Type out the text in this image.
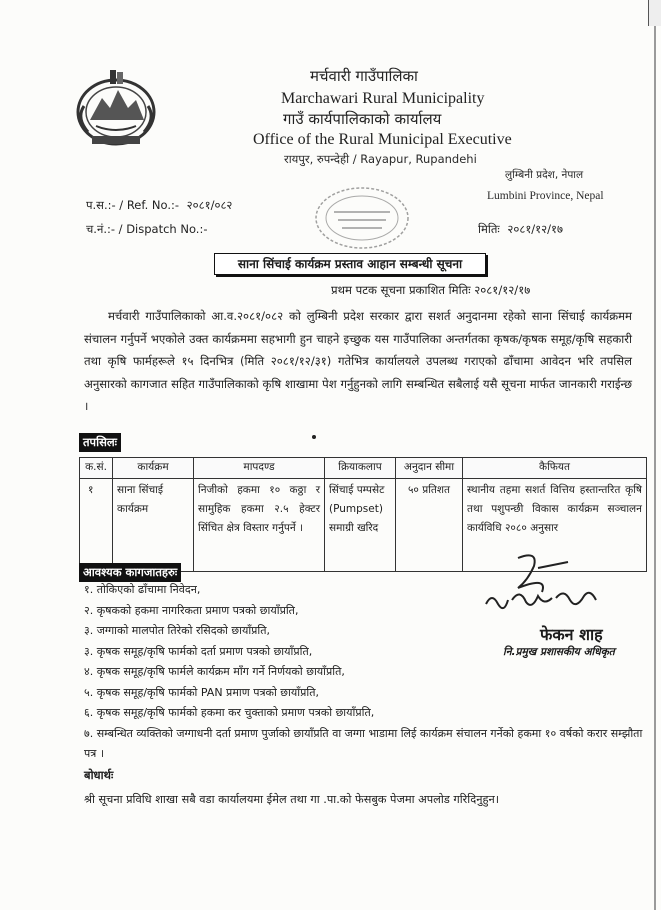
मर्चवारी गाउँपालिका
Marchawari Rural Municipality
गाउँ कार्यपालिकाको कार्यालय
Office of the Rural Municipal Executive
रायपुर, रुपन्देही / Rayapur, Rupandehi
लुम्बिनी प्रदेश, नेपाल
Lumbini Province, Nepal
प.स.:- / Ref. No.:- २०८१/०८२
च.नं.:- / Dispatch No.:-	मितिः २०८१/१२/१७
साना सिंचाई कार्यक्रम प्रस्ताव आहान सम्बन्धी सूचना
प्रथम पटक सूचना प्रकाशित मितिः २०८१/१२/१७

मर्चवारी गाउँपालिकाको आ.व.२०८१/०८२ को लुम्बिनी प्रदेश सरकार द्वारा सशर्त अनुदानमा रहेको साना सिंचाई कार्यक्रमम संचालन गर्नुपर्ने भएकोले उक्त कार्यक्रममा सहभागी हुन चाहने इच्छुक यस गाउँपालिका अन्तर्गतका कृषक/कृषक समूह/कृषि सहकारी तथा कृषि फार्महरूले १५ दिनभित्र (मिति २०८१/१२/३१) गतेभित्र कार्यालयले उपलब्ध गराएको ढाँचामा आवेदन भरि तपसिल अनुसारको कागजात सहित गाउँपालिकाको कृषि शाखामा पेश गर्नुहुनको लागि सम्बन्धित सबैलाई यसै सूचना मार्फत जानकारी गराईन्छ ।

तपसिलः
क.सं.	कार्यक्रम	मापदण्ड	क्रियाकलाप	अनुदान सीमा	कैफियत
१	साना सिंचाई कार्यक्रम	निजीको हकमा १० कठ्ठा र सामुहिक हकमा २.५ हेक्टर सिंचित क्षेत्र विस्तार गर्नुपर्ने ।	सिंचाई पम्पसेट (Pumpset) समाग्री खरिद	५० प्रतिशत	स्थानीय तहमा सशर्त वित्तिय हस्तान्तरित कृषि तथा पशुपन्छी विकास कार्यक्रम सञ्चालन कार्यविधि २०८० अनुसार
आवश्यक कागजातहरुः
१. तोकिएको ढाँचामा निवेदन,
२. कृषकको हकमा नागरिकता प्रमाण पत्रको छायाँप्रति,
३. जग्गाको मालपोत तिरेको रसिदको छायाँप्रति,
३. कृषक समूह/कृषि फार्मको दर्ता प्रमाण पत्रको छायाँप्रति,
४. कृषक समूह/कृषि फार्मले कार्यक्रम माँग गर्ने निर्णयको छायाँप्रति,
५. कृषक समूह/कृषि फार्मको PAN प्रमाण पत्रको छायाँप्रति,
६. कृषक समूह/कृषि फार्मको हकमा कर चुक्ताको प्रमाण पत्रको छायाँप्रति,
७. सम्बन्धित व्यक्तिको जग्गाधनी दर्ता प्रमाण पुर्जाको छायाँप्रति वा जग्गा भाडामा लिई कार्यक्रम संचालन गर्नेको हकमा १० वर्षको करार सम्झौता पत्र ।
फेकन शाह
नि.प्रमुख प्रशासकीय अधिकृत
बोधार्थः
श्री सूचना प्रविधि शाखा सबै वडा कार्यालयमा ईमेल तथा गा .पा.को फेसबुक पेजमा अपलोड गरिदिनुहुन।
